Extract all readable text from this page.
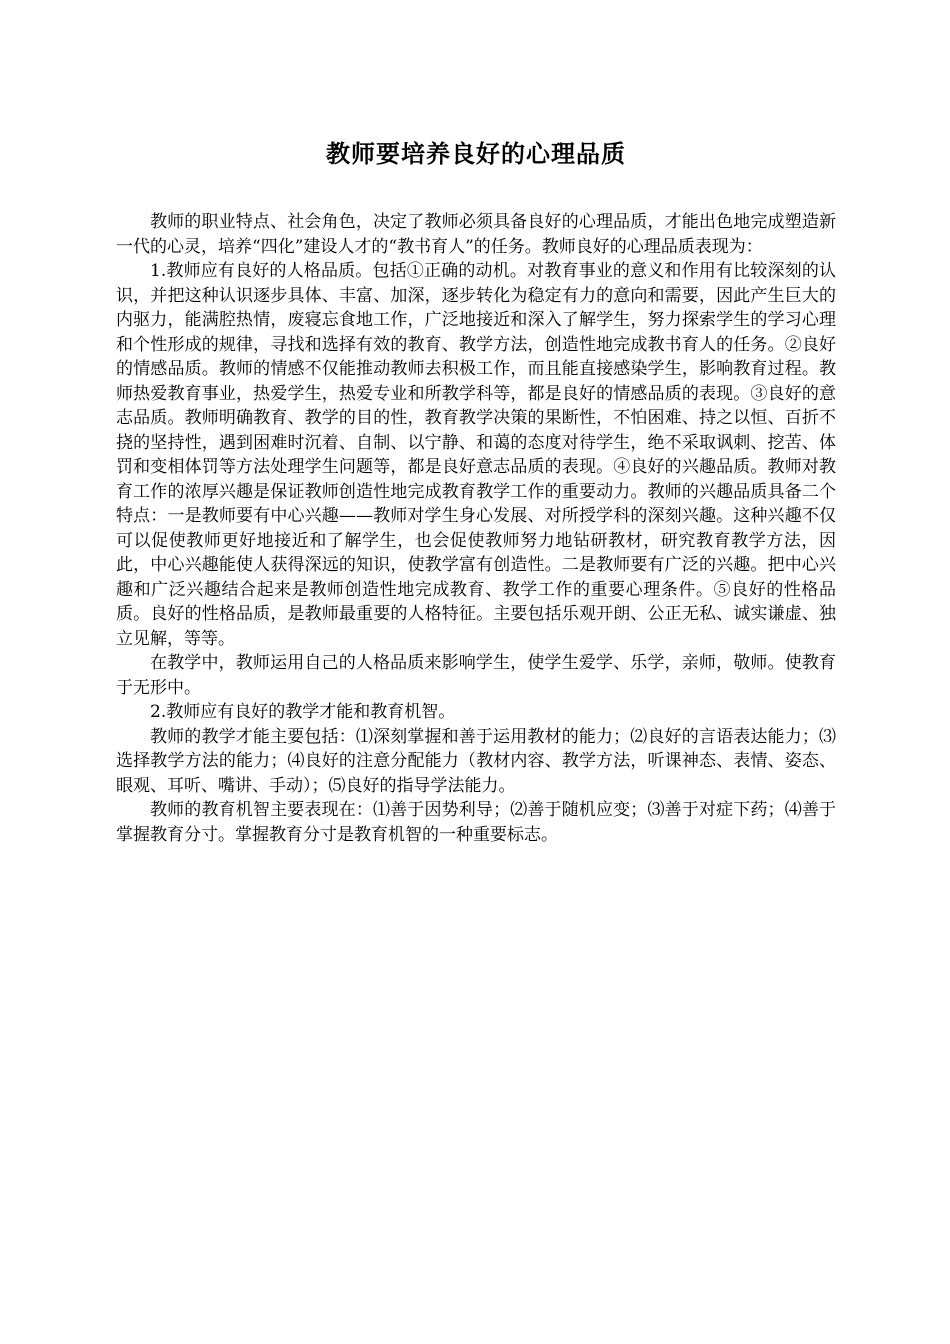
教师要培养良好的心理品质

教师的职业特点、社会角色，决定了教师必须具备良好的心理品质，才能出色地完成塑造新一代的心灵，培养“四化”建设人才的“教书育人”的任务。教师良好的心理品质表现为：

1.教师应有良好的人格品质。包括①正确的动机。对教育事业的意义和作用有比较深刻的认识，并把这种认识逐步具体、丰富、加深，逐步转化为稳定有力的意向和需要，因此产生巨大的内驱力，能满腔热情，废寝忘食地工作，广泛地接近和深入了解学生，努力探索学生的学习心理和个性形成的规律，寻找和选择有效的教育、教学方法，创造性地完成教书育人的任务。②良好的情感品质。教师的情感不仅能推动教师去积极工作，而且能直接感染学生，影响教育过程。教师热爱教育事业，热爱学生，热爱专业和所教学科等，都是良好的情感品质的表现。③良好的意志品质。教师明确教育、教学的目的性，教育教学决策的果断性，不怕困难、持之以恒、百折不挠的坚持性，遇到困难时沉着、自制、以宁静、和蔼的态度对待学生，绝不采取讽刺、挖苦、体罚和变相体罚等方法处理学生问题等，都是良好意志品质的表现。④良好的兴趣品质。教师对教育工作的浓厚兴趣是保证教师创造性地完成教育教学工作的重要动力。教师的兴趣品质具备二个特点：一是教师要有中心兴趣——教师对学生身心发展、对所授学科的深刻兴趣。这种兴趣不仅可以促使教师更好地接近和了解学生，也会促使教师努力地钻研教材，研究教育教学方法，因此，中心兴趣能使人获得深远的知识，使教学富有创造性。二是教师要有广泛的兴趣。把中心兴趣和广泛兴趣结合起来是教师创造性地完成教育、教学工作的重要心理条件。⑤良好的性格品质。良好的性格品质，是教师最重要的人格特征。主要包括乐观开朗、公正无私、诚实谦虚、独立见解，等等。

在教学中，教师运用自己的人格品质来影响学生，使学生爱学、乐学，亲师，敬师。使教育于无形中。

2.教师应有良好的教学才能和教育机智。

教师的教学才能主要包括：⑴深刻掌握和善于运用教材的能力；⑵良好的言语表达能力；⑶选择教学方法的能力；⑷良好的注意分配能力（教材内容、教学方法，听课神态、表情、姿态、眼观、耳听、嘴讲、手动）；⑸良好的指导学法能力。

教师的教育机智主要表现在：⑴善于因势利导；⑵善于随机应变；⑶善于对症下药；⑷善于掌握教育分寸。掌握教育分寸是教育机智的一种重要标志。
